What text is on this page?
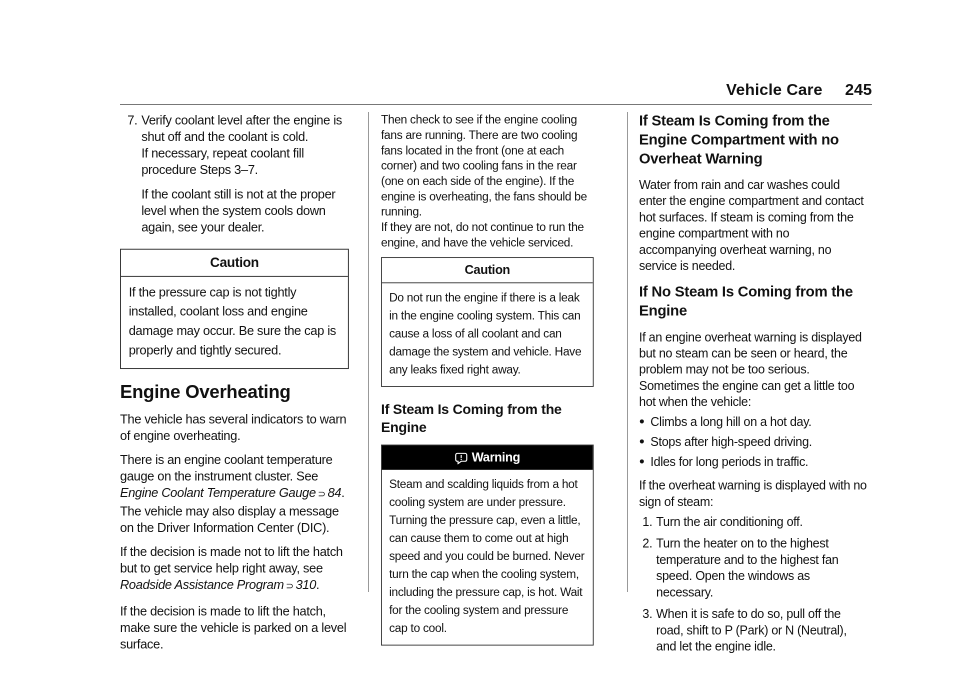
Vehicle Care 245
7. Verify coolant level after the engine is shut off and the coolant is cold.

If necessary, repeat coolant fill procedure Steps 3–7.

If the coolant still is not at the proper level when the system cools down again, see your dealer.

Caution
If the pressure cap is not tightly installed, coolant loss and engine damage may occur. Be sure the cap is properly and tightly secured.
Engine Overheating

The vehicle has several indicators to warn of engine overheating.

There is an engine coolant temperature gauge on the instrument cluster. See Engine Coolant Temperature Gauge ⊃ 84. The vehicle may also display a message on the Driver Information Center (DIC).

If the decision is made not to lift the hatch but to get service help right away, see Roadside Assistance Program ⊃ 310.

If the decision is made to lift the hatch, make sure the vehicle is parked on a level surface.

Then check to see if the engine cooling fans are running. There are two cooling fans located in the front (one at each corner) and two cooling fans in the rear (one on each side of the engine). If the engine is overheating, the fans should be running.

If they are not, do not continue to run the engine, and have the vehicle serviced.

Caution
Do not run the engine if there is a leak in the engine cooling system. This can cause a loss of all coolant and can damage the system and vehicle. Have any leaks fixed right away.
If Steam Is Coming from the Engine
Warning
Steam and scalding liquids from a hot cooling system are under pressure. Turning the pressure cap, even a little, can cause them to come out at high speed and you could be burned. Never turn the cap when the cooling system, including the pressure cap, is hot. Wait for the cooling system and pressure cap to cool.
If Steam Is Coming from the Engine Compartment with no Overheat Warning

Water from rain and car washes could enter the engine compartment and contact hot surfaces. If steam is coming from the engine compartment with no accompanying overheat warning, no service is needed.

If No Steam Is Coming from the Engine

If an engine overheat warning is displayed but no steam can be seen or heard, the problem may not be too serious. Sometimes the engine can get a little too hot when the vehicle:

● Climbs a long hill on a hot day.
● Stops after high-speed driving.
● Idles for long periods in traffic.

If the overheat warning is displayed with no sign of steam:

1. Turn the air conditioning off.
2. Turn the heater on to the highest temperature and to the highest fan speed. Open the windows as necessary.
3. When it is safe to do so, pull off the road, shift to P (Park) or N (Neutral), and let the engine idle.
